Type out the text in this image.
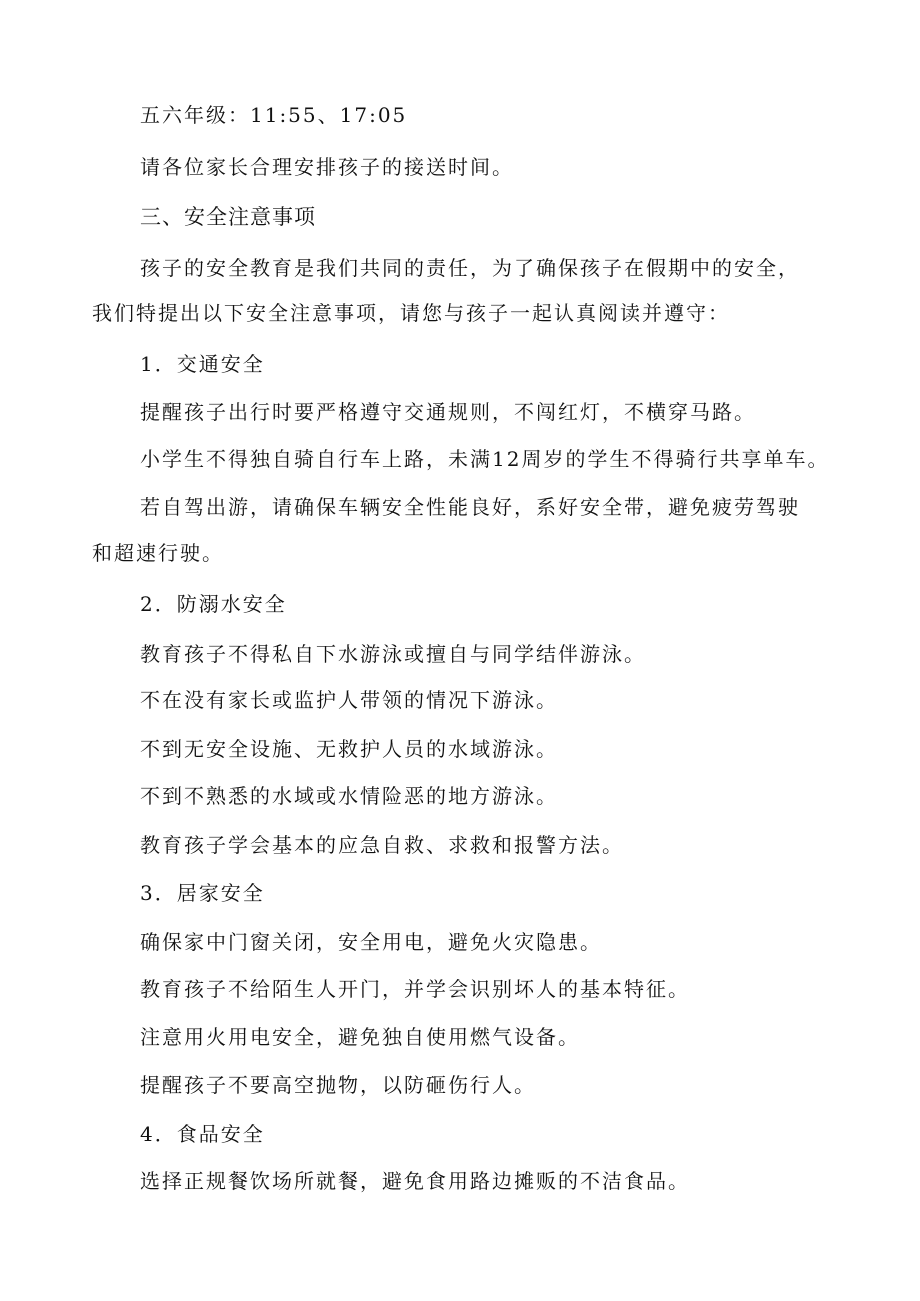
五六年级：11:55、17:05
请各位家长合理安排孩子的接送时间。
三、安全注意事项
孩子的安全教育是我们共同的责任，为了确保孩子在假期中的安全，
我们特提出以下安全注意事项，请您与孩子一起认真阅读并遵守：
1．交通安全
提醒孩子出行时要严格遵守交通规则，不闯红灯，不横穿马路。
小学生不得独自骑自行车上路，未满12周岁的学生不得骑行共享单车。
若自驾出游，请确保车辆安全性能良好，系好安全带，避免疲劳驾驶
和超速行驶。
2．防溺水安全
教育孩子不得私自下水游泳或擅自与同学结伴游泳。
不在没有家长或监护人带领的情况下游泳。
不到无安全设施、无救护人员的水域游泳。
不到不熟悉的水域或水情险恶的地方游泳。
教育孩子学会基本的应急自救、求救和报警方法。
3．居家安全
确保家中门窗关闭，安全用电，避免火灾隐患。
教育孩子不给陌生人开门，并学会识别坏人的基本特征。
注意用火用电安全，避免独自使用燃气设备。
提醒孩子不要高空抛物，以防砸伤行人。
4．食品安全
选择正规餐饮场所就餐，避免食用路边摊贩的不洁食品。
